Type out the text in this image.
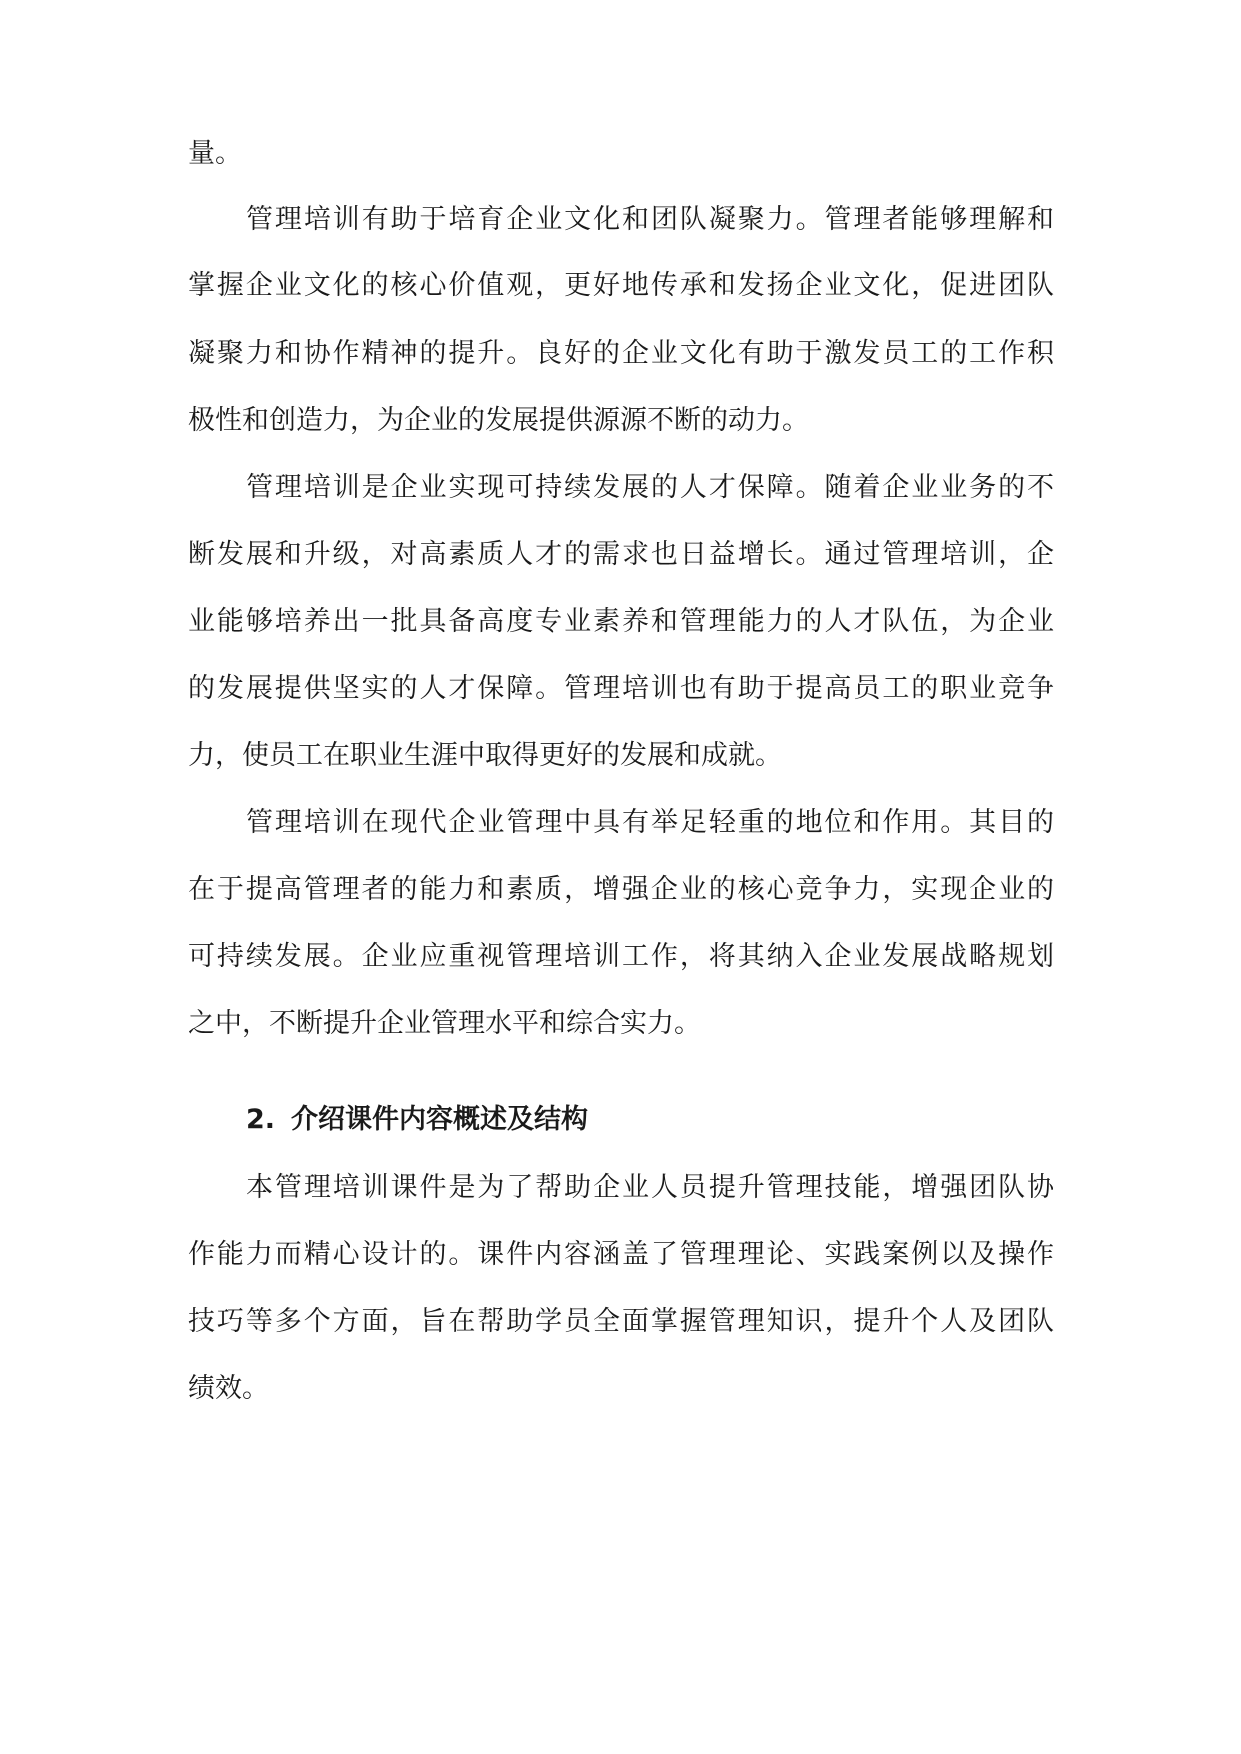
量。
管理培训有助于培育企业文化和团队凝聚力。管理者能够理解和
掌握企业文化的核心价值观，更好地传承和发扬企业文化，促进团队
凝聚力和协作精神的提升。良好的企业文化有助于激发员工的工作积
极性和创造力，为企业的发展提供源源不断的动力。
管理培训是企业实现可持续发展的人才保障。随着企业业务的不
断发展和升级，对高素质人才的需求也日益增长。通过管理培训，企
业能够培养出一批具备高度专业素养和管理能力的人才队伍，为企业
的发展提供坚实的人才保障。管理培训也有助于提高员工的职业竞争
力，使员工在职业生涯中取得更好的发展和成就。
管理培训在现代企业管理中具有举足轻重的地位和作用。其目的
在于提高管理者的能力和素质，增强企业的核心竞争力，实现企业的
可持续发展。企业应重视管理培训工作，将其纳入企业发展战略规划
之中，不断提升企业管理水平和综合实力。
2. 介绍课件内容概述及结构
本管理培训课件是为了帮助企业人员提升管理技能，增强团队协
作能力而精心设计的。课件内容涵盖了管理理论、实践案例以及操作
技巧等多个方面，旨在帮助学员全面掌握管理知识，提升个人及团队
绩效。
